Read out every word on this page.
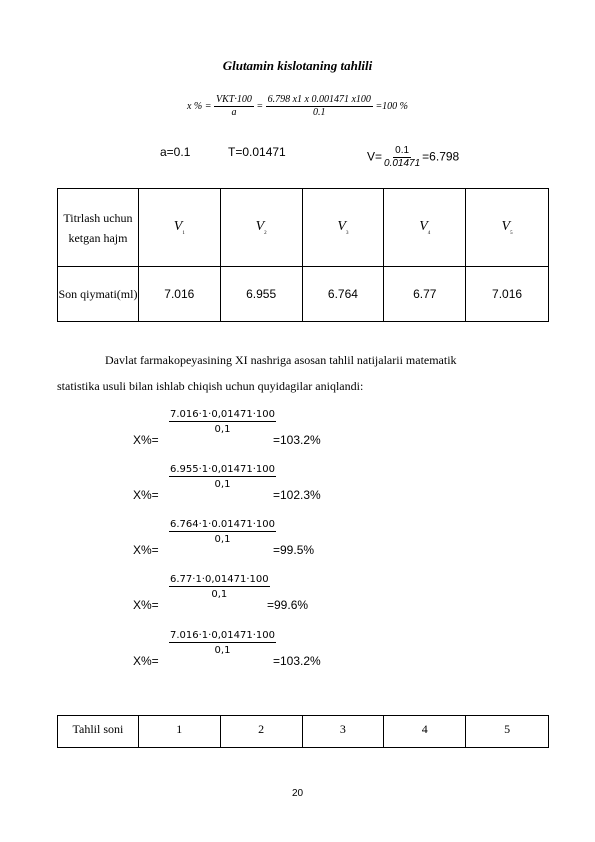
Glutamin kislotaning tahlili
x % = $\frac{\text{VKT·100}}{a} = \frac{6.798 x1 x 0.001471 x100}{0.1} =100$ %
a=0.1	T=0.01471	$V= \frac{0.1}{0.01471} =6.798$
Titrlash uchun ketgan hajm	$V_1$	$V_2$	$V_3$	$V_4$	$V_5$
Son qiymati(ml)	7.016	6.955	6.764	6.77	7.016
Davlat farmakopeyasining XI nashriga asosan tahlil natijalarii matematik
statistika usuli bilan ishlab chiqish uchun quyidagilar aniqlandi:
X%=
$\frac{7.016\cdot 1\cdot 0,01471\cdot 100}{0,1}$
=103.2%
X%=
$\frac{6.955\cdot 1\cdot 0,01471\cdot 100}{0,1}$
=102.3%
X%=
$\frac{6.764\cdot 1\cdot 0.01471\cdot 100}{0,1}$
=99.5%
X%=
$\frac{6.77\cdot 1\cdot 0,01471\cdot 100}{0,1}$
=99.6%
X%=
$\frac{7.016\cdot 1\cdot 0,01471\cdot 100}{0,1}$
=103.2%
Tahlil soni	1	2	3	4	5
20
